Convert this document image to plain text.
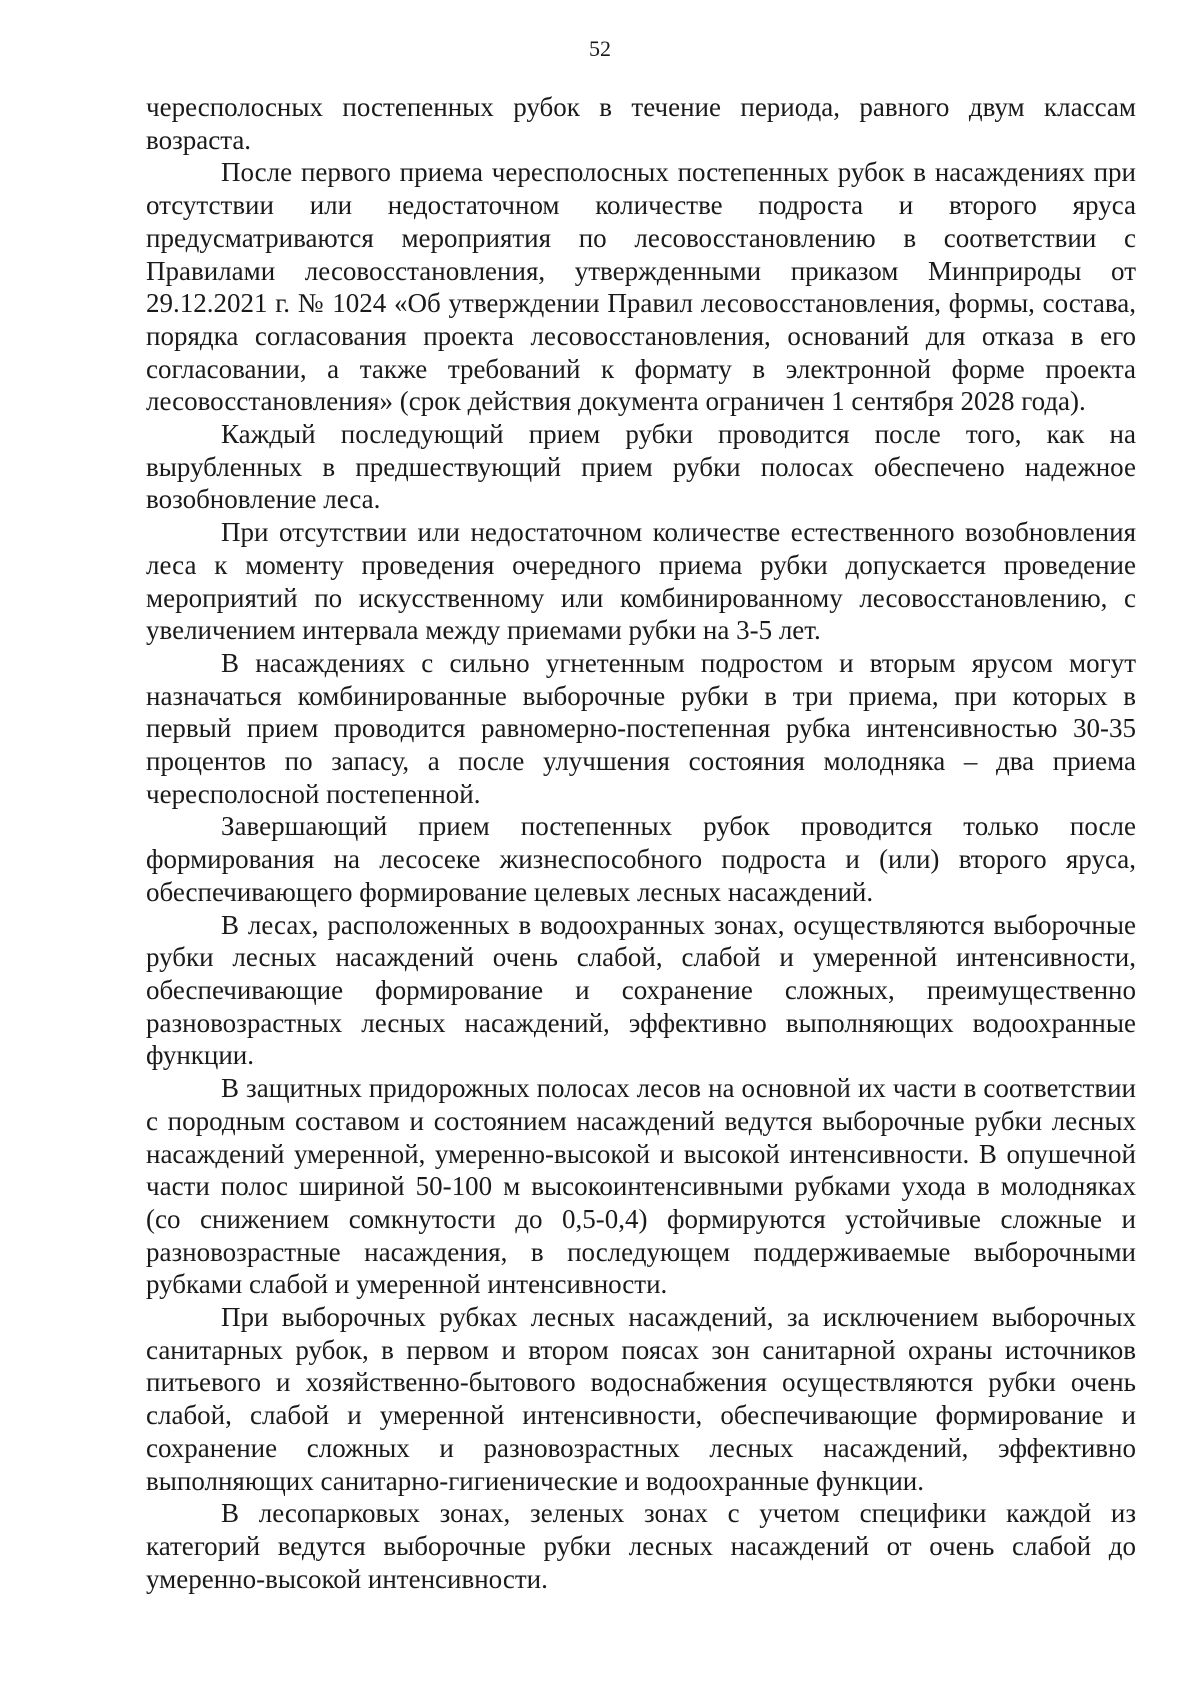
52

чересполосных постепенных рубок в течение периода, равного двум классам возраста.

После первого приема чересполосных постепенных рубок в насаждениях при отсутствии или недостаточном количестве подроста и второго яруса предусматриваются мероприятия по лесовосстановлению в соответствии с Правилами лесовосстановления, утвержденными приказом Минприроды от 29.12.2021 г. № 1024 «Об утверждении Правил лесовосстановления, формы, состава, порядка согласования проекта лесовосстановления, оснований для отказа в его согласовании, а также требований к формату в электронной форме проекта лесовосстановления» (срок действия документа ограничен 1 сентября 2028 года).

Каждый последующий прием рубки проводится после того, как на вырубленных в предшествующий прием рубки полосах обеспечено надежное возобновление леса.

При отсутствии или недостаточном количестве естественного возобновления леса к моменту проведения очередного приема рубки допускается проведение мероприятий по искусственному или комбинированному лесовосстановлению, с увеличением интервала между приемами рубки на 3-5 лет.

В насаждениях с сильно угнетенным подростом и вторым ярусом могут назначаться комбинированные выборочные рубки в три приема, при которых в первый прием проводится равномерно-постепенная рубка интенсивностью 30-35 процентов по запасу, а после улучшения состояния молодняка – два приема чересполосной постепенной.

Завершающий прием постепенных рубок проводится только после формирования на лесосеке жизнеспособного подроста и (или) второго яруса, обеспечивающего формирование целевых лесных насаждений.

В лесах, расположенных в водоохранных зонах, осуществляются выборочные рубки лесных насаждений очень слабой, слабой и умеренной интенсивности, обеспечивающие формирование и сохранение сложных, преимущественно разновозрастных лесных насаждений, эффективно выполняющих водоохранные функции.

В защитных придорожных полосах лесов на основной их части в соответствии с породным составом и состоянием насаждений ведутся выборочные рубки лесных насаждений умеренной, умеренно-высокой и высокой интенсивности. В опушечной части полос шириной 50-100 м высокоинтенсивными рубками ухода в молодняках (со снижением сомкнутости до 0,5-0,4) формируются устойчивые сложные и разновозрастные насаждения, в последующем поддерживаемые выборочными рубками слабой и умеренной интенсивности.

При выборочных рубках лесных насаждений, за исключением выборочных санитарных рубок, в первом и втором поясах зон санитарной охраны источников питьевого и хозяйственно-бытового водоснабжения осуществляются рубки очень слабой, слабой и умеренной интенсивности, обеспечивающие формирование и сохранение сложных и разновозрастных лесных насаждений, эффективно выполняющих санитарно-гигиенические и водоохранные функции.

В лесопарковых зонах, зеленых зонах с учетом специфики каждой из категорий ведутся выборочные рубки лесных насаждений от очень слабой до умеренно-высокой интенсивности.
